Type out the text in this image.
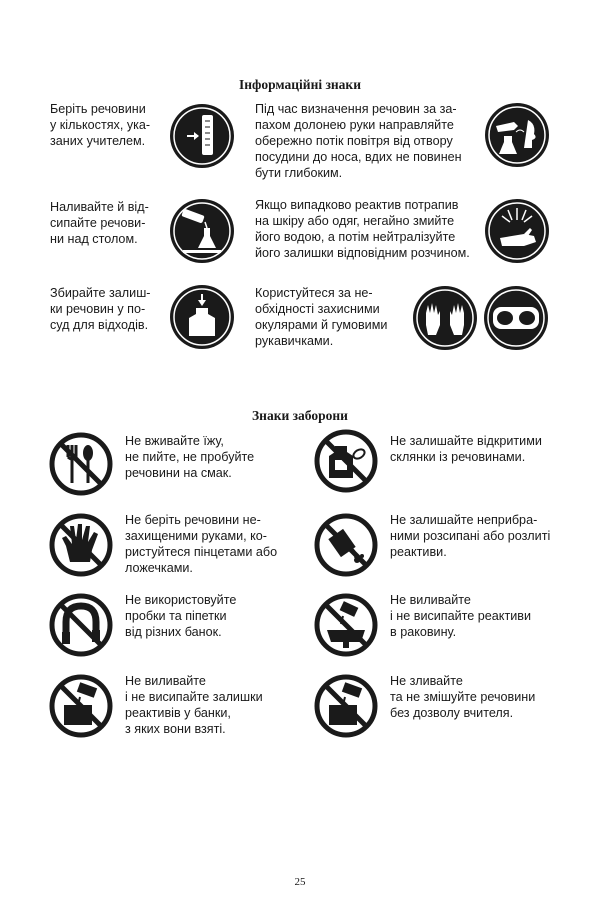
Інформаційні знаки
Знаки заборони
Беріть речовини
у кількостях, ука-
заних учителем.
Під час визначення речовин за за-
пахом долонею руки направляйте
обережно потік повітря від отвору
посудини до носа, вдих не повинен
бути глибоким.
Наливайте й від-
сипайте речови-
ни над столом.
Якщо випадково реактив потрапив
на шкіру або одяг, негайно змийте
його водою, а потім нейтралізуйте
його залишки відповідним розчином.
Збирайте залиш-
ки речовин у по-
суд для відходів.
Користуйтеся за не-
обхідності захисними
окулярами й гумовими
рукавичками.
Не вживайте їжу,
не пийте, не пробуйте
речовини на смак.
Не залишайте відкритими
склянки із речовинами.
Не беріть речовини не-
захищеними руками, ко-
ристуйтеся пінцетами або
ложечками.
Не залишайте неприбра-
ними розсипані або розлиті
реактиви.
Не використовуйте
пробки та піпетки
від різних банок.
Не виливайте
і не висипайте реактиви
в раковину.
Не виливайте
і не висипайте залишки
реактивів у банки,
з яких вони взяті.
Не зливайте
та не змішуйте речовини
без дозволу вчителя.
25
